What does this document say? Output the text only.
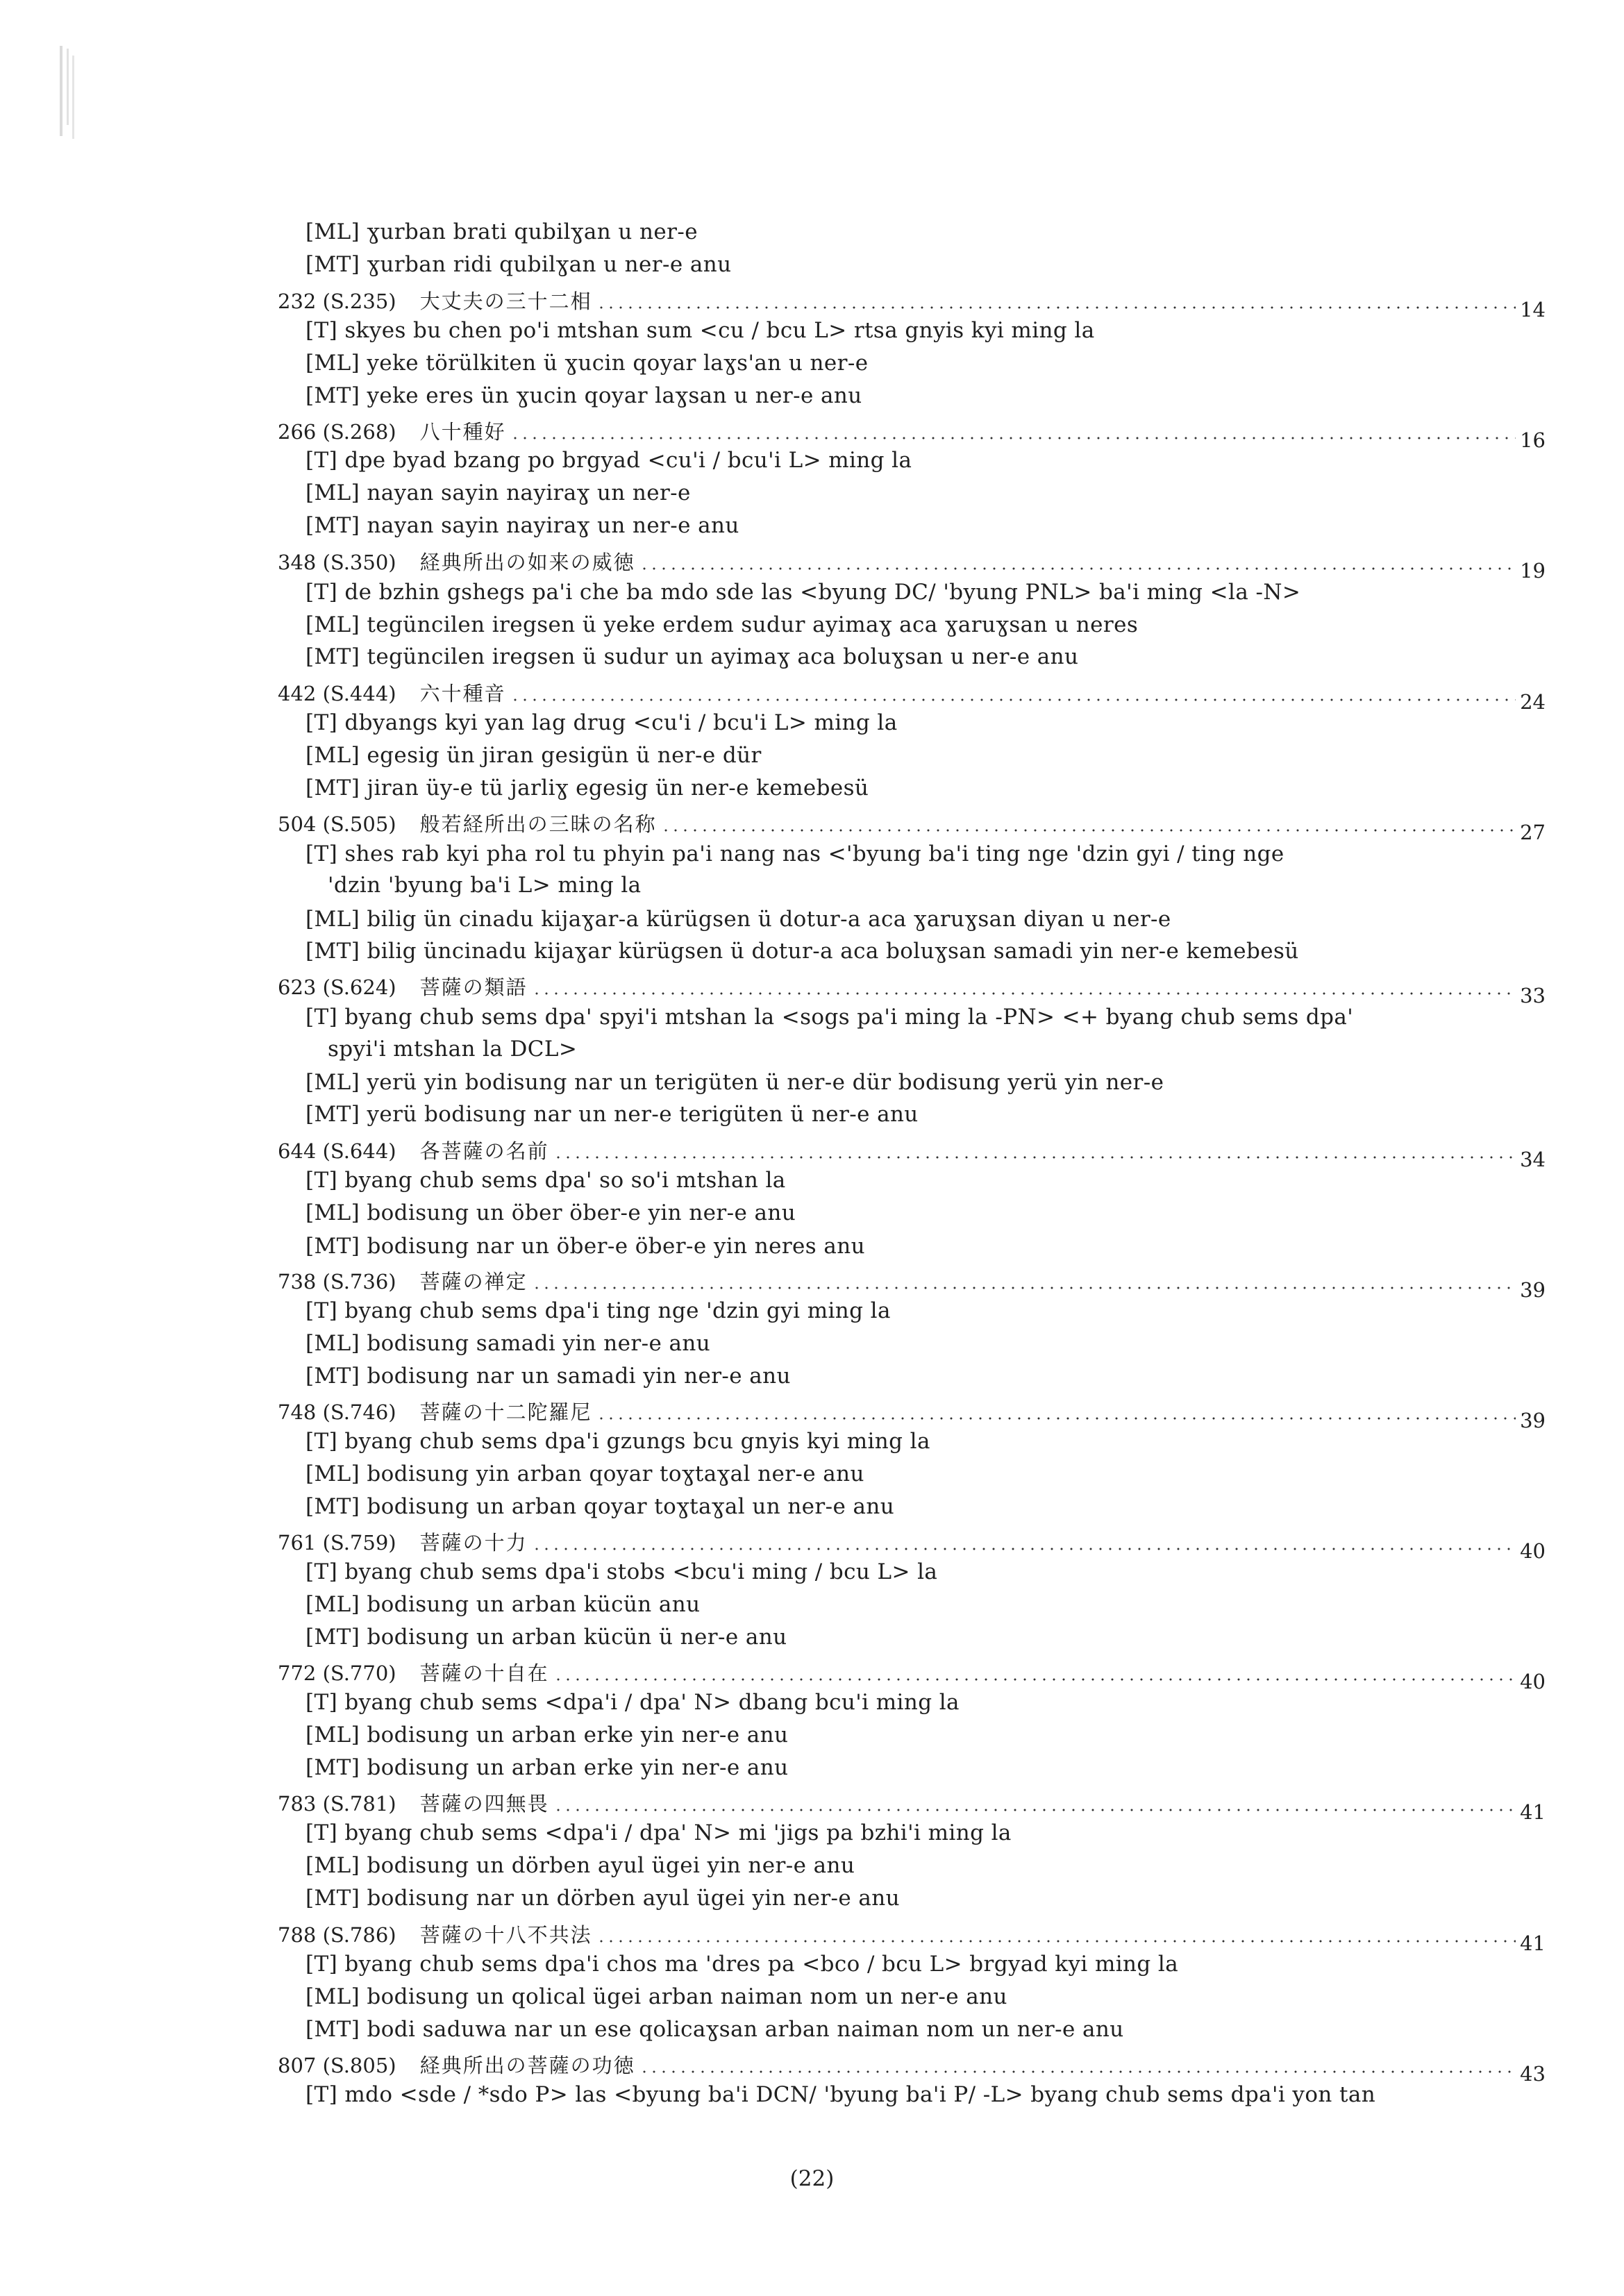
[ML] ɣurban brati qubilɣan u ner-e
[MT] ɣurban ridi qubilɣan u ner-e anu
232 (S.235) 大丈夫の三十二相	14
[T] skyes bu chen po'i mtshan sum <cu / bcu L> rtsa gnyis kyi ming la
[ML] yeke törülkiten ü ɣucin qoyar laɣs'an u ner-e
[MT] yeke eres ün ɣucin qoyar laɣsan u ner-e anu
266 (S.268) 八十種好	16
[T] dpe byad bzang po brgyad <cu'i / bcu'i L> ming la
[ML] nayan sayin nayiraɣ un ner-e
[MT] nayan sayin nayiraɣ un ner-e anu
348 (S.350) 経典所出の如来の威徳	19
[T] de bzhin gshegs pa'i che ba mdo sde las <byung DC/ 'byung PNL> ba'i ming <la -N>
[ML] tegüncilen iregsen ü yeke erdem sudur ayimaɣ aca ɣaruɣsan u neres
[MT] tegüncilen iregsen ü sudur un ayimaɣ aca boluɣsan u ner-e anu
442 (S.444) 六十種音	24
[T] dbyangs kyi yan lag drug <cu'i / bcu'i L> ming la
[ML] egesig ün jiran gesigün ü ner-e dür
[MT] jiran üy-e tü jarliɣ egesig ün ner-e kemebesü
504 (S.505) 般若経所出の三昧の名称	27
[T] shes rab kyi pha rol tu phyin pa'i nang nas <'byung ba'i ting nge 'dzin gyi / ting nge
'dzin 'byung ba'i L> ming la
[ML] bilig ün cinadu kijaɣar-a kürügsen ü dotur-a aca ɣaruɣsan diyan u ner-e
[MT] bilig üncinadu kijaɣar kürügsen ü dotur-a aca boluɣsan samadi yin ner-e kemebesü
623 (S.624) 菩薩の類語	33
[T] byang chub sems dpa' spyi'i mtshan la <sogs pa'i ming la -PN> <+ byang chub sems dpa'
spyi'i mtshan la DCL>
[ML] yerü yin bodisung nar un terigüten ü ner-e dür bodisung yerü yin ner-e
[MT] yerü bodisung nar un ner-e terigüten ü ner-e anu
644 (S.644) 各菩薩の名前	34
[T] byang chub sems dpa' so so'i mtshan la
[ML] bodisung un öber öber-e yin ner-e anu
[MT] bodisung nar un öber-e öber-e yin neres anu
738 (S.736) 菩薩の禅定	39
[T] byang chub sems dpa'i ting nge 'dzin gyi ming la
[ML] bodisung samadi yin ner-e anu
[MT] bodisung nar un samadi yin ner-e anu
748 (S.746) 菩薩の十二陀羅尼	39
[T] byang chub sems dpa'i gzungs bcu gnyis kyi ming la
[ML] bodisung yin arban qoyar toɣtaɣal ner-e anu
[MT] bodisung un arban qoyar toɣtaɣal un ner-e anu
761 (S.759) 菩薩の十力	40
[T] byang chub sems dpa'i stobs <bcu'i ming / bcu L> la
[ML] bodisung un arban kücün anu
[MT] bodisung un arban kücün ü ner-e anu
772 (S.770) 菩薩の十自在	40
[T] byang chub sems <dpa'i / dpa' N> dbang bcu'i ming la
[ML] bodisung un arban erke yin ner-e anu
[MT] bodisung un arban erke yin ner-e anu
783 (S.781) 菩薩の四無畏	41
[T] byang chub sems <dpa'i / dpa' N> mi 'jigs pa bzhi'i ming la
[ML] bodisung un dörben ayul ügei yin ner-e anu
[MT] bodisung nar un dörben ayul ügei yin ner-e anu
788 (S.786) 菩薩の十八不共法	41
[T] byang chub sems dpa'i chos ma 'dres pa <bco / bcu L> brgyad kyi ming la
[ML] bodisung un qolical ügei arban naiman nom un ner-e anu
[MT] bodi saduwa nar un ese qolicaɣsan arban naiman nom un ner-e anu
807 (S.805) 経典所出の菩薩の功徳	43
[T] mdo <sde / *sdo P> las <byung ba'i DCN/ 'byung ba'i P/ -L> byang chub sems dpa'i yon tan
(22)
